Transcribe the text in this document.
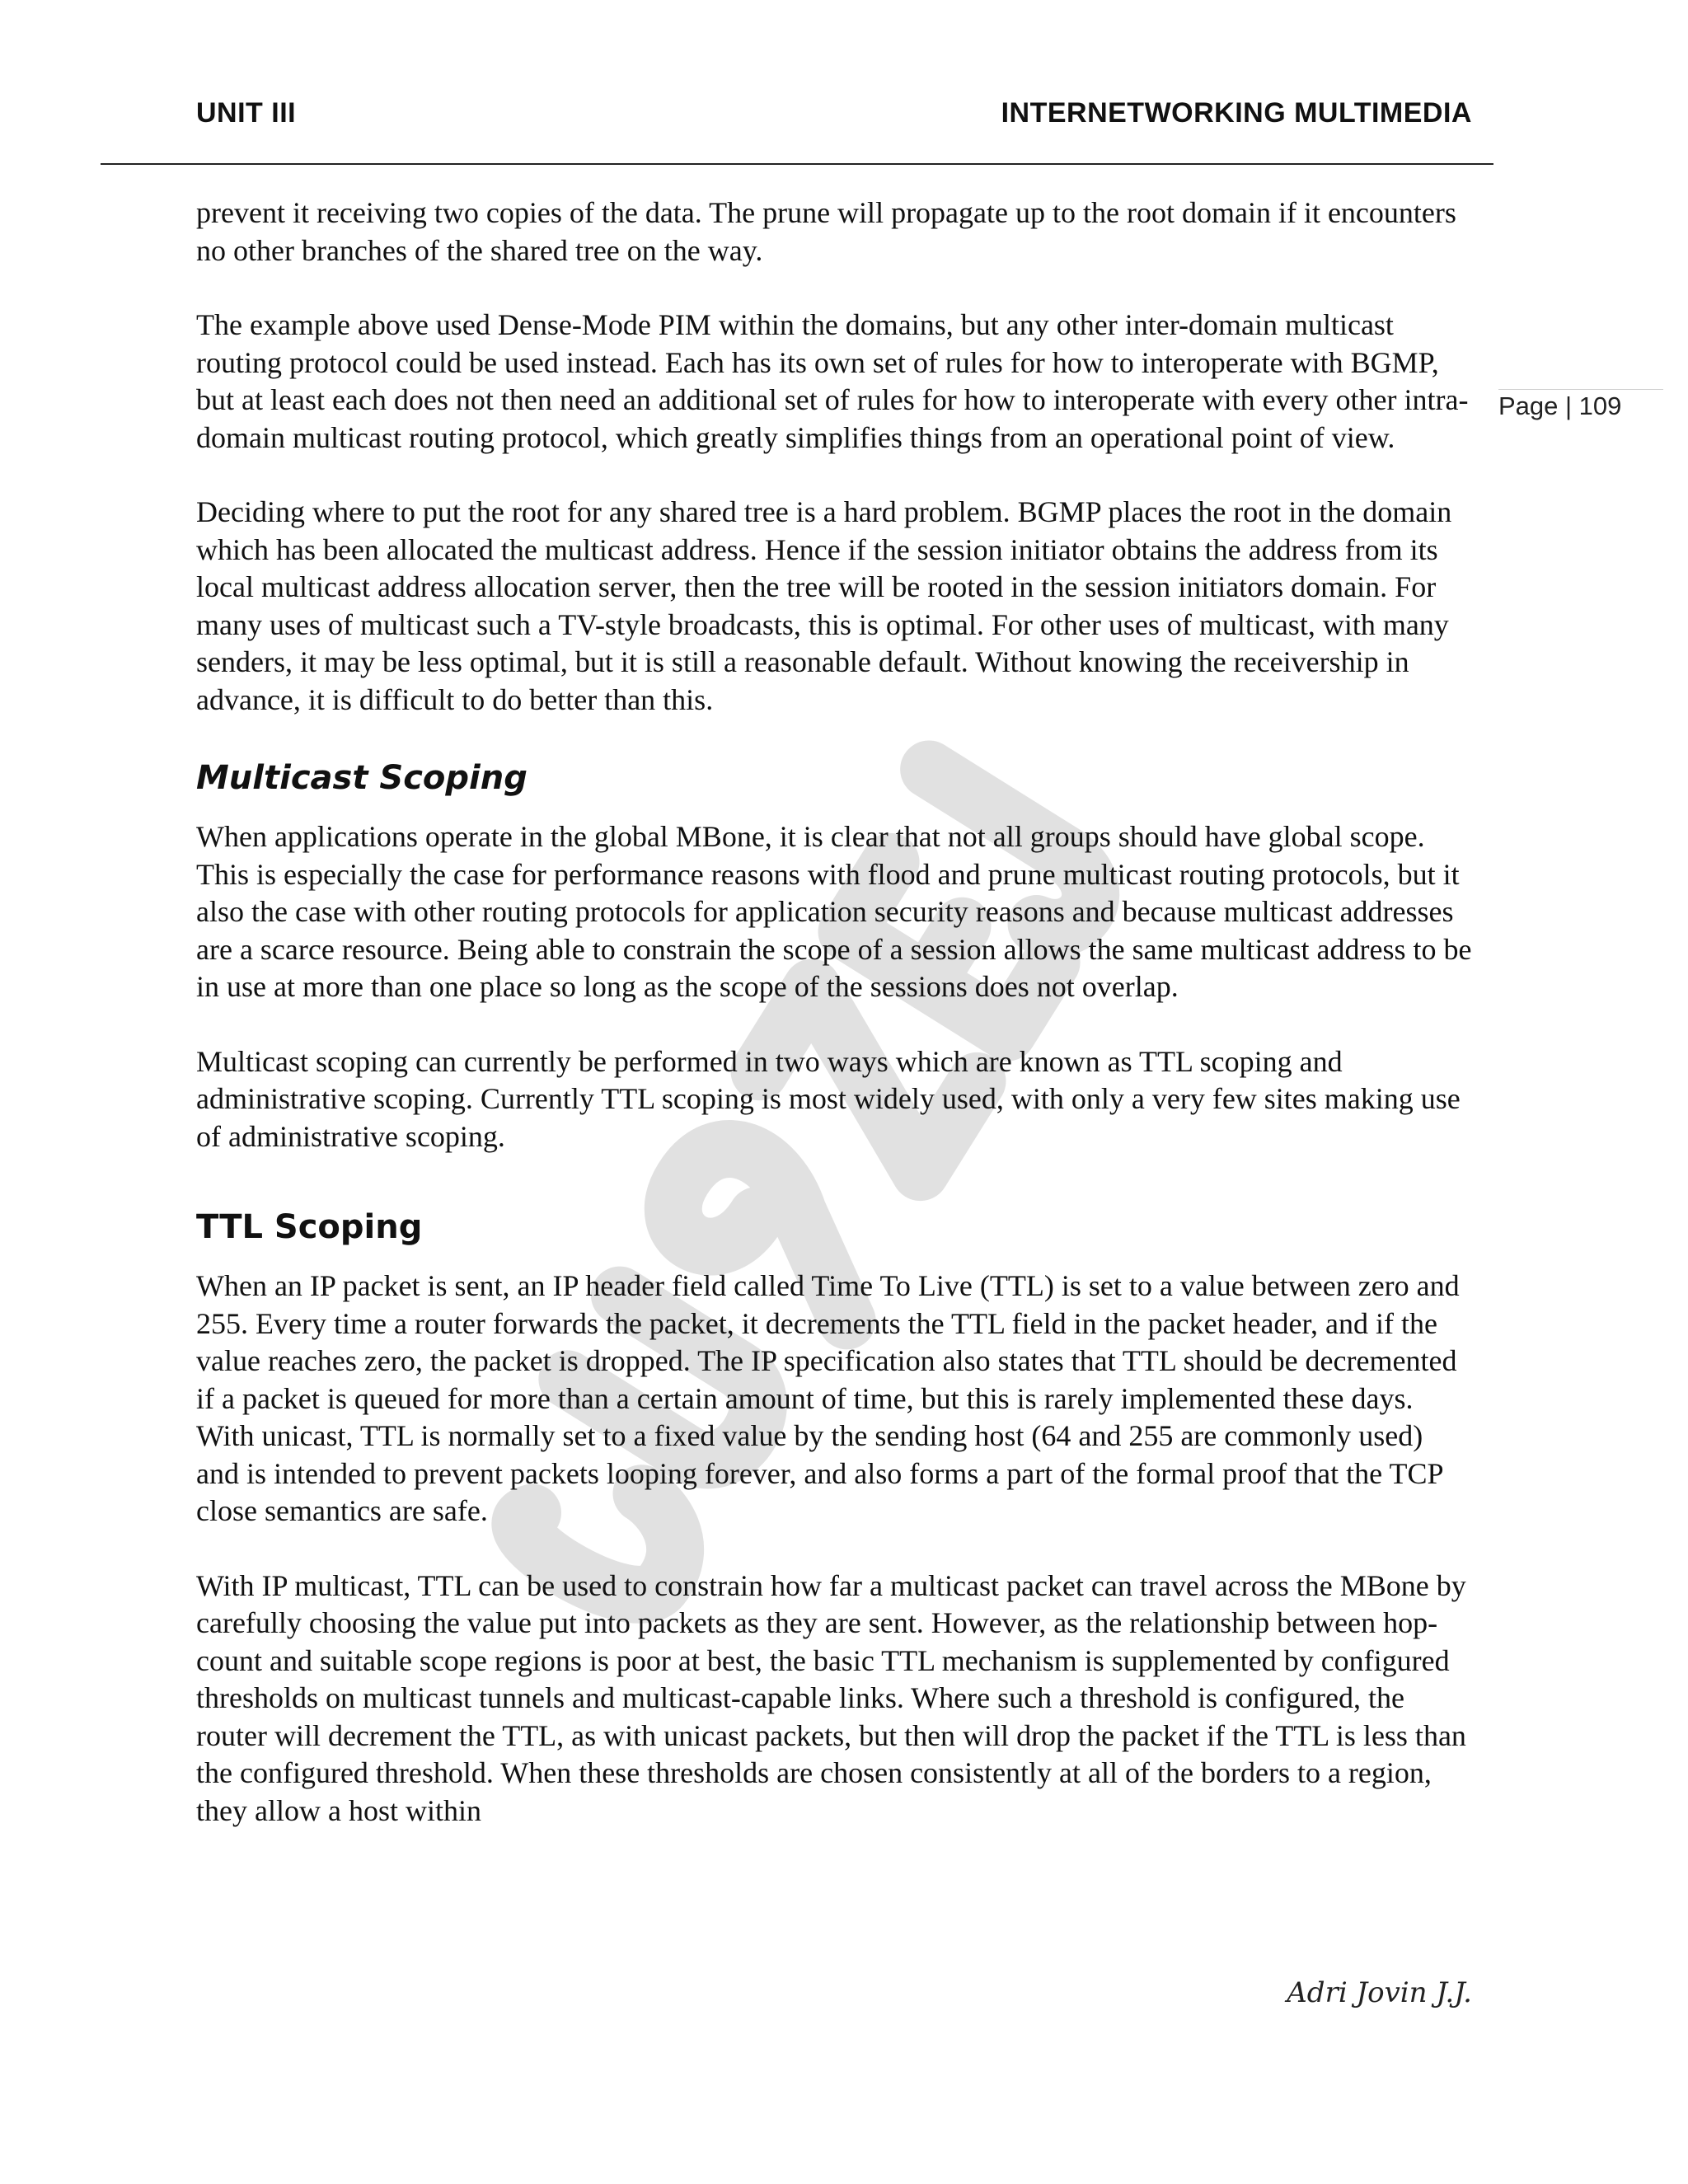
UNIT III	INTERNETWORKING MULTIMEDIA
Page | 109

prevent it receiving two copies of the data. The prune will propagate up to the root domain if it encounters no other branches of the shared tree on the way.

The example above used Dense-Mode PIM within the domains, but any other inter-domain multicast routing protocol could be used instead. Each has its own set of rules for how to interoperate with BGMP, but at least each does not then need an additional set of rules for how to interoperate with every other intra-domain multicast routing protocol, which greatly simplifies things from an operational point of view.

Deciding where to put the root for any shared tree is a hard problem. BGMP places the root in the domain which has been allocated the multicast address. Hence if the session initiator obtains the address from its local multicast address allocation server, then the tree will be rooted in the session initiators domain. For many uses of multicast such a TV-style broadcasts, this is optimal. For other uses of multicast, with many senders, it may be less optimal, but it is still a reasonable default. Without knowing the receivership in advance, it is difficult to do better than this.

Multicast Scoping

When applications operate in the global MBone, it is clear that not all groups should have global scope. This is especially the case for performance reasons with flood and prune multicast routing protocols, but it also the case with other routing protocols for application security reasons and because multicast addresses are a scarce resource. Being able to constrain the scope of a session allows the same multicast address to be in use at more than one place so long as the scope of the sessions does not overlap.

Multicast scoping can currently be performed in two ways which are known as TTL scoping and administrative scoping. Currently TTL scoping is most widely used, with only a very few sites making use of administrative scoping.

TTL Scoping

When an IP packet is sent, an IP header field called Time To Live (TTL) is set to a value between zero and 255. Every time a router forwards the packet, it decrements the TTL field in the packet header, and if the value reaches zero, the packet is dropped. The IP specification also states that TTL should be decremented if a packet is queued for more than a certain amount of time, but this is rarely implemented these days. With unicast, TTL is normally set to a fixed value by the sending host (64 and 255 are commonly used) and is intended to prevent packets looping forever, and also forms a part of the formal proof that the TCP close semantics are safe.

With IP multicast, TTL can be used to constrain how far a multicast packet can travel across the MBone by carefully choosing the value put into packets as they are sent. However, as the relationship between hop-count and suitable scope regions is poor at best, the basic TTL mechanism is supplemented by configured thresholds on multicast tunnels and multicast-capable links. Where such a threshold is configured, the router will decrement the TTL, as with unicast packets, but then will drop the packet if the TTL is less than the configured threshold. When these thresholds are chosen consistently at all of the borders to a region, they allow a host within

Adri Jovin J.J.
